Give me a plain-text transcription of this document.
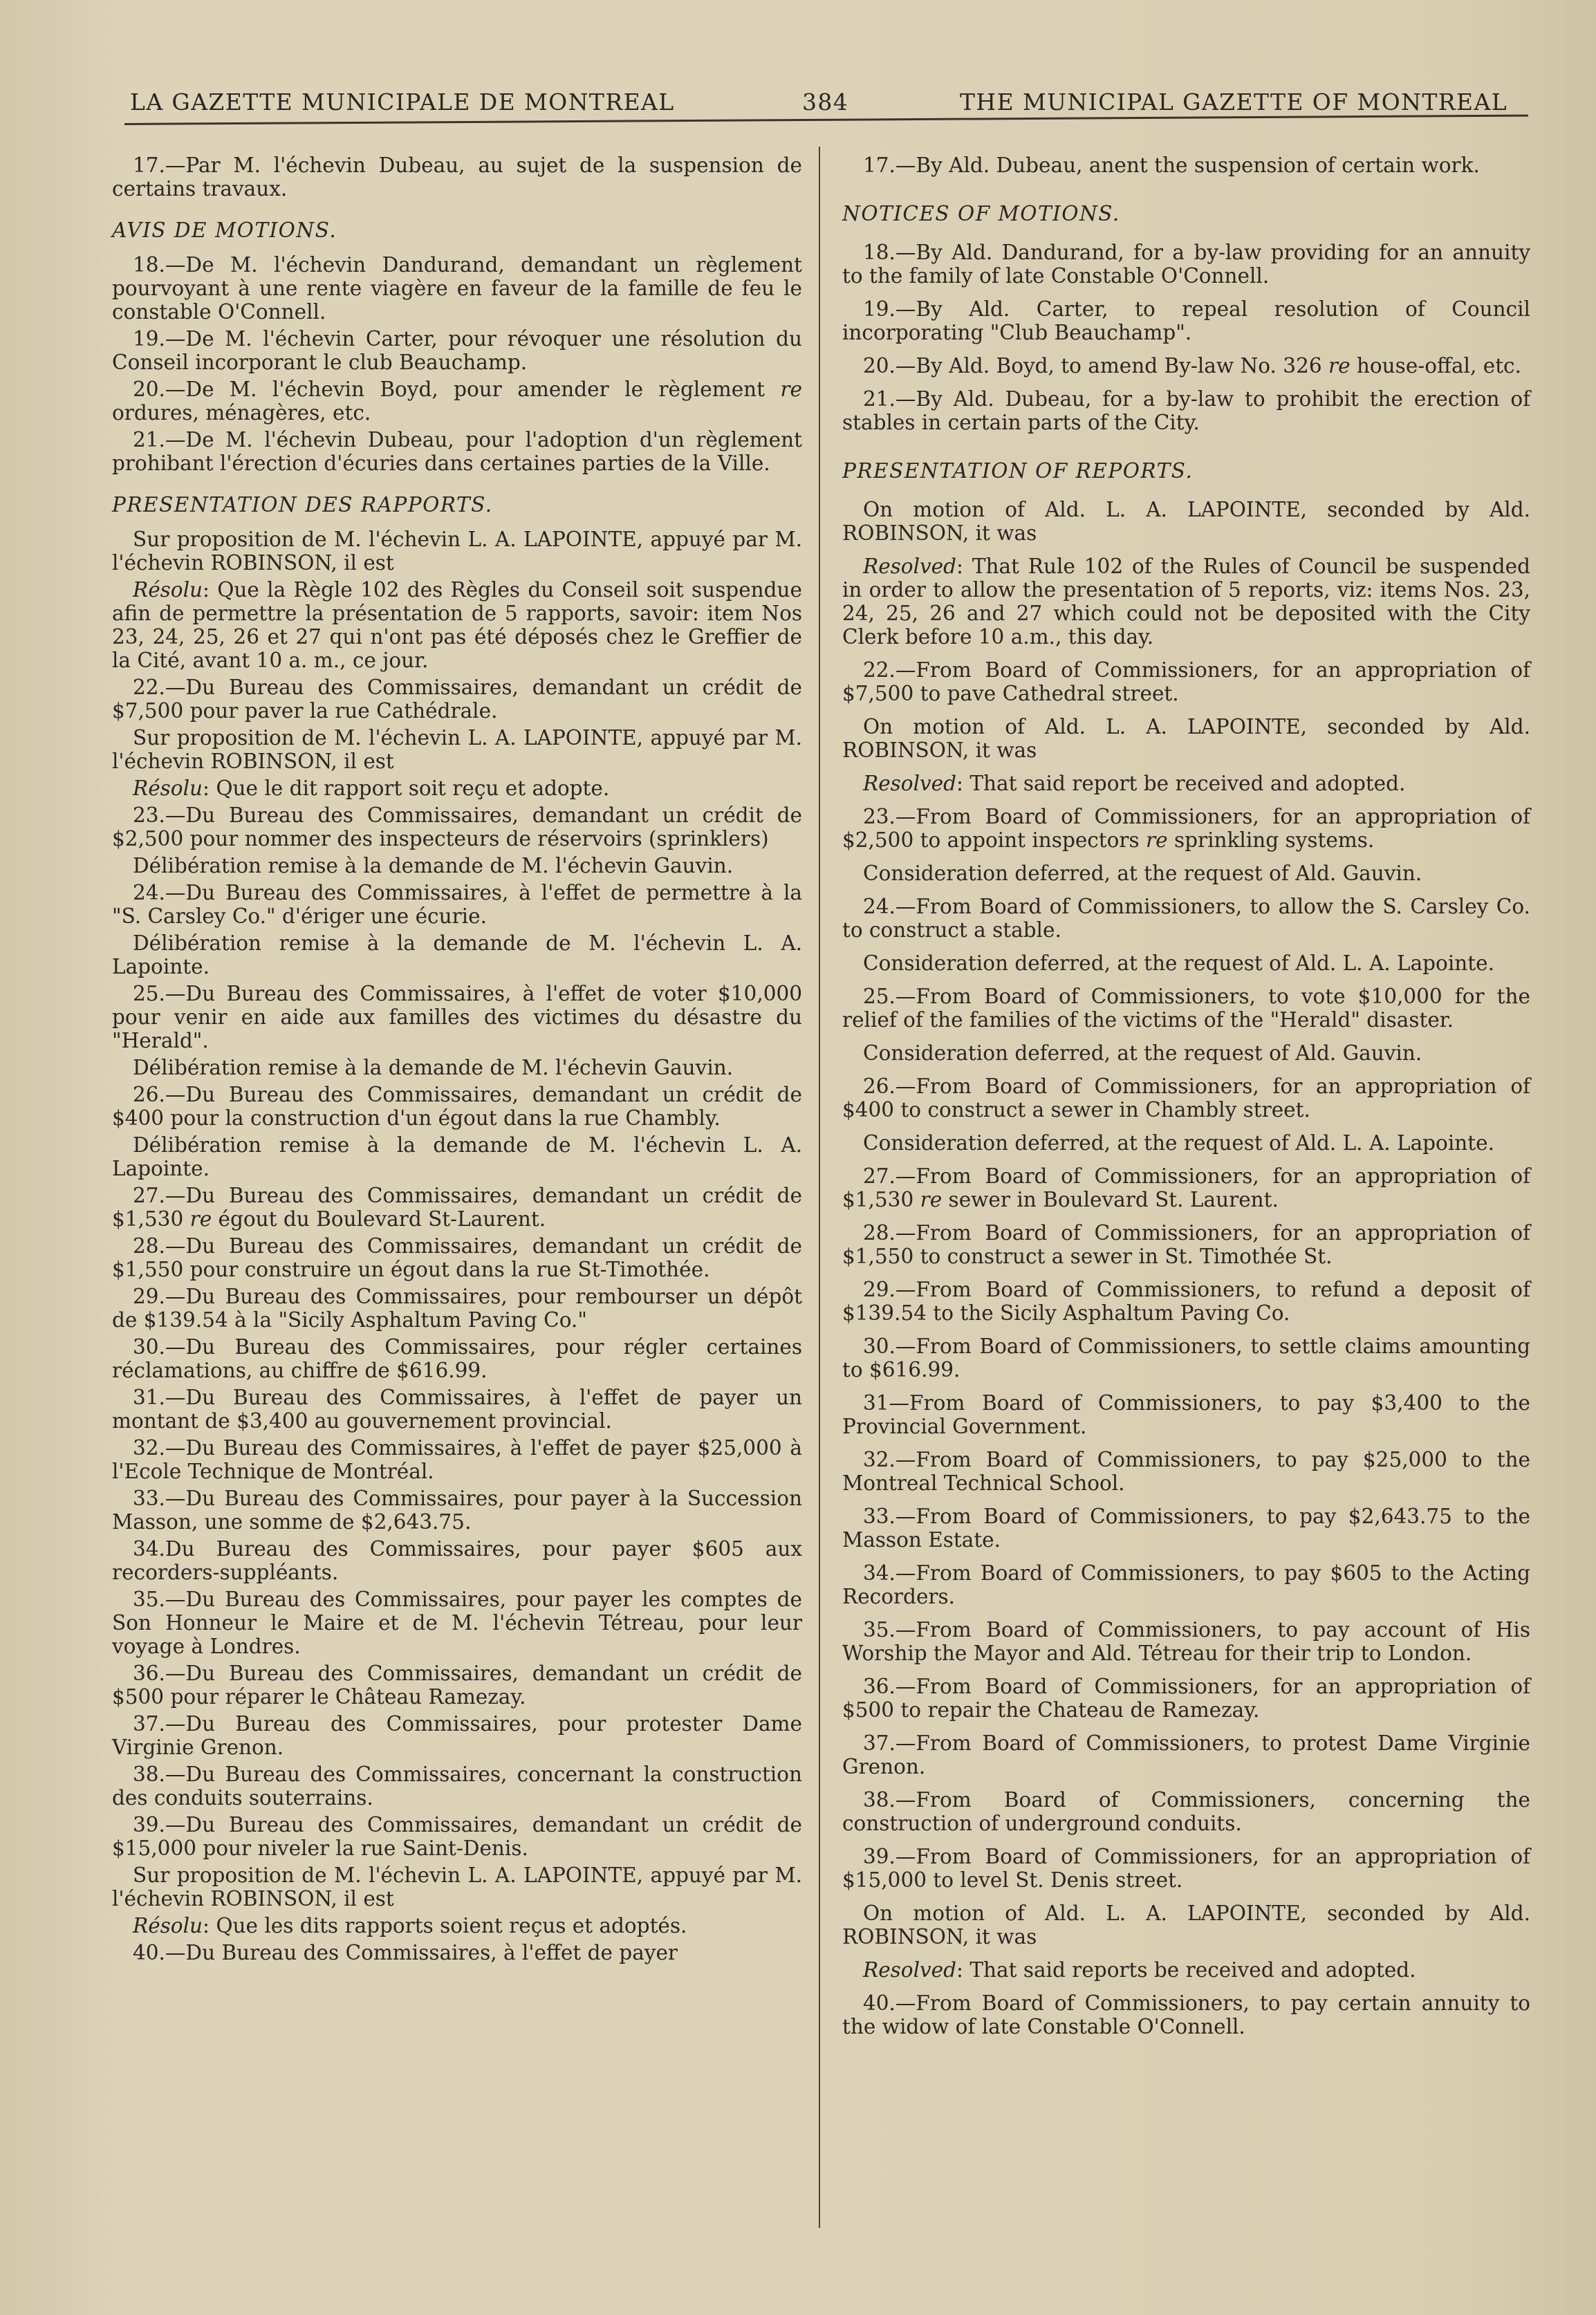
LA GAZETTE MUNICIPALE DE MONTREAL	384	THE MUNICIPAL GAZETTE OF MONTREAL

17.—Par M. l'échevin Dubeau, au sujet de la suspension de certains travaux.

AVIS DE MOTIONS.

18.—De M. l'échevin Dandurand, demandant un règlement pourvoyant à une rente viagère en faveur de la famille de feu le constable O'Connell.

19.—De M. l'échevin Carter, pour révoquer une résolution du Conseil incorporant le club Beauchamp.

20.—De M. l'échevin Boyd, pour amender le règlement re ordures, ménagères, etc.

21.—De M. l'échevin Dubeau, pour l'adoption d'un règlement prohibant l'érection d'écuries dans certaines parties de la Ville.

PRESENTATION DES RAPPORTS.

Sur proposition de M. l'échevin L. A. LAPOINTE, appuyé par M. l'échevin ROBINSON, il est

Résolu: Que la Règle 102 des Règles du Conseil soit suspendue afin de permettre la présentation de 5 rapports, savoir: item Nos 23, 24, 25, 26 et 27 qui n'ont pas été déposés chez le Greffier de la Cité, avant 10 a. m., ce jour.

22.—Du Bureau des Commissaires, demandant un crédit de $7,500 pour paver la rue Cathédrale.

Sur proposition de M. l'échevin L. A. LAPOINTE, appuyé par M. l'échevin ROBINSON, il est

Résolu: Que le dit rapport soit reçu et adopte.

23.—Du Bureau des Commissaires, demandant un crédit de $2,500 pour nommer des inspecteurs de réservoirs (sprinklers)

Délibération remise à la demande de M. l'échevin Gauvin.

24.—Du Bureau des Commissaires, à l'effet de permettre à la "S. Carsley Co." d'ériger une écurie.

Délibération remise à la demande de M. l'échevin L. A. Lapointe.

25.—Du Bureau des Commissaires, à l'effet de voter $10,000 pour venir en aide aux familles des victimes du désastre du "Herald".

Délibération remise à la demande de M. l'échevin Gauvin.

26.—Du Bureau des Commissaires, demandant un crédit de $400 pour la construction d'un égout dans la rue Chambly.

Délibération remise à la demande de M. l'échevin L. A. Lapointe.

27.—Du Bureau des Commissaires, demandant un crédit de $1,530 re égout du Boulevard St-Laurent.

28.—Du Bureau des Commissaires, demandant un crédit de $1,550 pour construire un égout dans la rue St-Timothée.

29.—Du Bureau des Commissaires, pour rembourser un dépôt de $139.54 à la "Sicily Asphaltum Paving Co."

30.—Du Bureau des Commissaires, pour régler certaines réclamations, au chiffre de $616.99.

31.—Du Bureau des Commissaires, à l'effet de payer un montant de $3,400 au gouvernement provincial.

32.—Du Bureau des Commissaires, à l'effet de payer $25,000 à l'Ecole Technique de Montréal.

33.—Du Bureau des Commissaires, pour payer à la Succession Masson, une somme de $2,643.75.

34.Du Bureau des Commissaires, pour payer $605 aux recorders-suppléants.

35.—Du Bureau des Commissaires, pour payer les comptes de Son Honneur le Maire et de M. l'échevin Tétreau, pour leur voyage à Londres.

36.—Du Bureau des Commissaires, demandant un crédit de $500 pour réparer le Château Ramezay.

37.—Du Bureau des Commissaires, pour protester Dame Virginie Grenon.

38.—Du Bureau des Commissaires, concernant la construction des conduits souterrains.

39.—Du Bureau des Commissaires, demandant un crédit de $15,000 pour niveler la rue Saint-Denis.

Sur proposition de M. l'échevin L. A. LAPOINTE, appuyé par M. l'échevin ROBINSON, il est

Résolu: Que les dits rapports soient reçus et adoptés.

40.—Du Bureau des Commissaires, à l'effet de payer

17.—By Ald. Dubeau, anent the suspension of certain work.

NOTICES OF MOTIONS.

18.—By Ald. Dandurand, for a by-law providing for an annuity to the family of late Constable O'Connell.

19.—By Ald. Carter, to repeal resolution of Council incorporating "Club Beauchamp".

20.—By Ald. Boyd, to amend By-law No. 326 re house-offal, etc.

21.—By Ald. Dubeau, for a by-law to prohibit the erection of stables in certain parts of the City.

PRESENTATION OF REPORTS.

On motion of Ald. L. A. LAPOINTE, seconded by Ald. ROBINSON, it was

Resolved: That Rule 102 of the Rules of Council be suspended in order to allow the presentation of 5 reports, viz: items Nos. 23, 24, 25, 26 and 27 which could not be deposited with the City Clerk before 10 a.m., this day.

22.—From Board of Commissioners, for an appropriation of $7,500 to pave Cathedral street.

On motion of Ald. L. A. LAPOINTE, seconded by Ald. ROBINSON, it was

Resolved: That said report be received and adopted.

23.—From Board of Commissioners, for an appropriation of $2,500 to appoint inspectors re sprinkling systems.

Consideration deferred, at the request of Ald. Gauvin.

24.—From Board of Commissioners, to allow the S. Carsley Co. to construct a stable.

Consideration deferred, at the request of Ald. L. A. Lapointe.

25.—From Board of Commissioners, to vote $10,000 for the relief of the families of the victims of the "Herald" disaster.

Consideration deferred, at the request of Ald. Gauvin.

26.—From Board of Commissioners, for an appropriation of $400 to construct a sewer in Chambly street.

Consideration deferred, at the request of Ald. L. A. Lapointe.

27.—From Board of Commissioners, for an appropriation of $1,530 re sewer in Boulevard St. Laurent.

28.—From Board of Commissioners, for an appropriation of $1,550 to construct a sewer in St. Timothée St.

29.—From Board of Commissioners, to refund a deposit of $139.54 to the Sicily Asphaltum Paving Co.

30.—From Board of Commissioners, to settle claims amounting to $616.99.

31—From Board of Commissioners, to pay $3,400 to the Provincial Government.

32.—From Board of Commissioners, to pay $25,000 to the Montreal Technical School.

33.—From Board of Commissioners, to pay $2,643.75 to the Masson Estate.

34.—From Board of Commissioners, to pay $605 to the Acting Recorders.

35.—From Board of Commissioners, to pay account of His Worship the Mayor and Ald. Tétreau for their trip to London.

36.—From Board of Commissioners, for an appropriation of $500 to repair the Chateau de Ramezay.

37.—From Board of Commissioners, to protest Dame Virginie Grenon.

38.—From Board of Commissioners, concerning the construction of underground conduits.

39.—From Board of Commissioners, for an appropriation of $15,000 to level St. Denis street.

On motion of Ald. L. A. LAPOINTE, seconded by Ald. ROBINSON, it was

Resolved: That said reports be received and adopted.

40.—From Board of Commissioners, to pay certain annuity to the widow of late Constable O'Connell.
